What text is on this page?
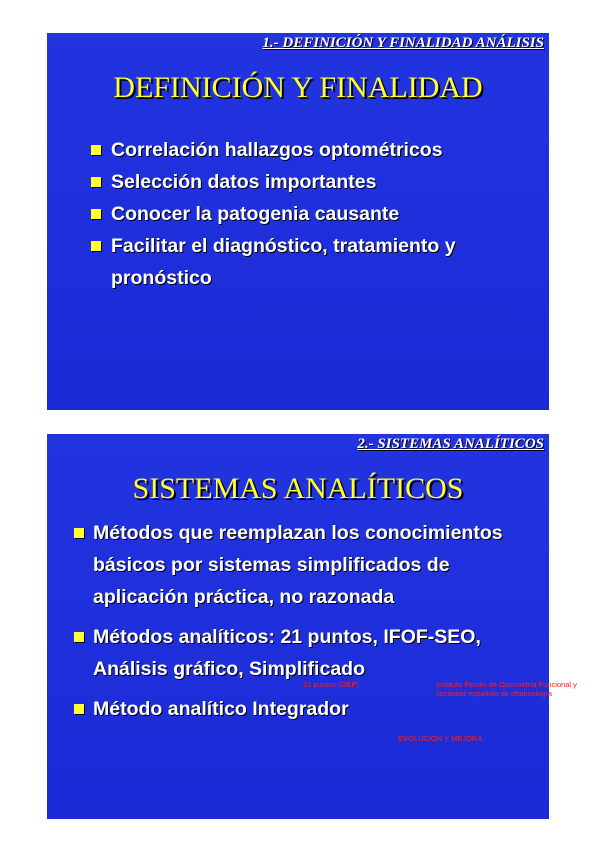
1.- DEFINICIÓN Y FINALIDAD ANÁLISIS
DEFINICIÓN Y FINALIDAD
Correlación hallazgos optométricos
Selección datos importantes
Conocer la patogenia causante
Facilitar el diagnóstico, tratamiento y pronóstico
2.- SISTEMAS ANALÍTICOS
SISTEMAS ANALÍTICOS
Métodos que reemplazan los conocimientos básicos por sistemas simplificados de aplicación práctica, no razonada
Métodos analíticos: 21 puntos, IFOF-SEO, Análisis gráfico, Simplificado
Método analítico Integrador
21 puntos (OEP)	Instituto Ferrán de Optometría Funcional y sociedad española de oftalmología
EVOLUCIÓN Y MEJORA
